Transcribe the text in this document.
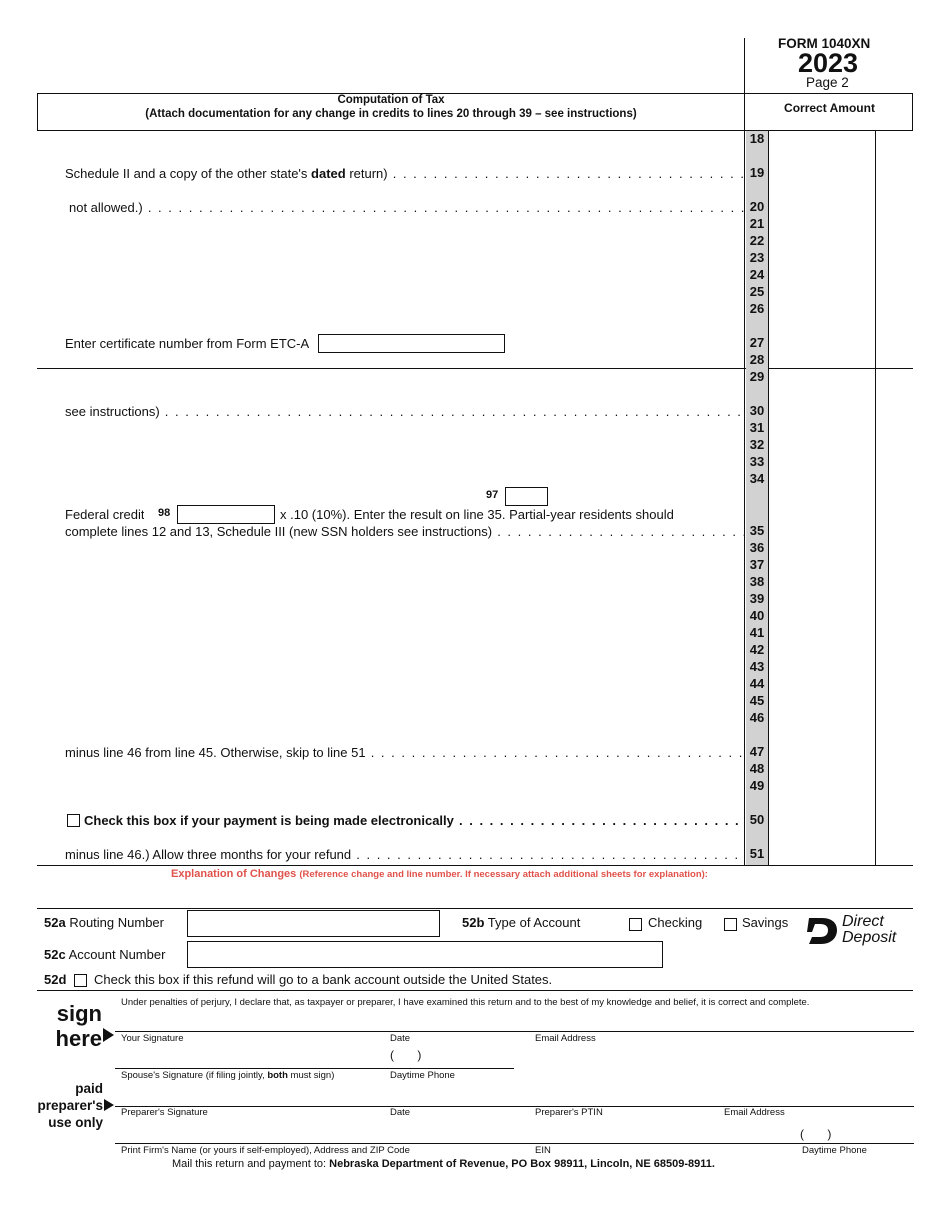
FORM 1040XN
2023
Page 2
Computation of Tax
(Attach documentation for any change in credits to lines 20 through 39 – see instructions)	Correct Amount
18
Schedule II and a copy of the other state's dated return) . . .	19
not allowed.) . . .	20
21
22
23
24
25
26
Enter certificate number from Form ETC-A	27
28
29
see instructions) . . .	30
31
32
33
34
97
Federal credit 98	x .10 (10%). Enter the result on line 35. Partial-year residents should
complete lines 12 and 13, Schedule III (new SSN holders see instructions) . . .	35
36
37
38
39
40
41
42
43
44
45
46
minus line 46 from line 45. Otherwise, skip to line 51 . . .	47
48
49
Check this box if your payment is being made electronically . . .	50
minus line 46.) Allow three months for your refund . . .	51
Explanation of Changes (Reference change and line number. If necessary attach additional sheets for explanation):
52a Routing Number	52b Type of Account	Checking	Savings	Direct
Deposit
52c Account Number
52d Check this box if this refund will go to a bank account outside the United States.
Under penalties of perjury, I declare that, as taxpayer or preparer, I have examined this return and to the best of my knowledge and belief, it is correct and complete.
sign
here Your Signature	Date	Email Address
(       )
Spouse's Signature (if filing jointly, both must sign)	Daytime Phone
paid
preparer's
use only
Preparer's Signature	Date	Preparer's PTIN	Email Address
(       )
Print Firm's Name (or yours if self-employed), Address and ZIP Code	EIN	Daytime Phone
Mail this return and payment to: Nebraska Department of Revenue, PO Box 98911, Lincoln, NE 68509-8911.
